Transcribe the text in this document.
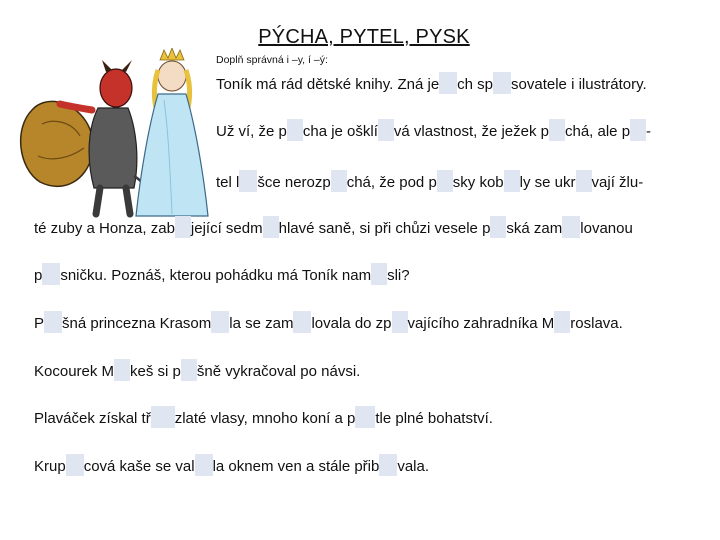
PÝCHA, PYTEL, PYSK
Doplň správná i –y, í –ý:
Toník má rád dětské knihy. Zná je ch sp sovatele i ilustrátory.
Už ví, že p cha je ošklí vá vlastnost, že ježek p chá, ale p -
tel l šce nerozp chá, že pod p sky kob ly se ukr vají žlu-
té zuby a Honza, zab jející sedm hlavé saně, si při chůzi vesele p ská zam lovanou
p sničku. Poznáš, kterou pohádku má Toník nam sli?
P šná princezna Krasom la se zam lovala do zp vajícího zahradníka M roslava.
Kocourek M keš si p šně vykračoval po návsi.
Plaváček získal tř zlaté vlasy, mnoho koní a p tle plné bohatství.
Krup cová kaše se val la oknem ven a stále přib vala.
